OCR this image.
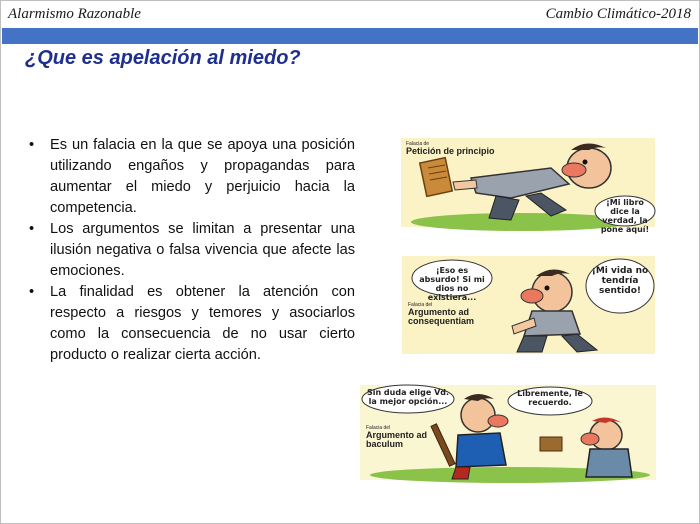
Alarmismo Razonable	Cambio Climático-2018
¿Que es apelación al miedo?
• Es un falacia en la que se apoya una posición utilizando engaños y propagandas para aumentar el miedo y perjuicio hacia la competencia.
• Los argumentos se limitan a presentar una ilusión negativa o falsa vivencia que afecte las emociones.
• La finalidad es obtener la atención con respecto a riesgos y temores y asociarlos como la consecuencia de no usar cierto producto o realizar cierta acción.
Falacia de
Petición de principio
¡Mi libro dice la verdad, la pone aquí!
¡Eso es absurdo! Si mi dios no existiera...
¡Mi vida no tendría sentido!
Falacia del
Argumento ad consequentiam
Sin duda elige Vd. la mejor opción...
Libremente, le recuerdo.
Falacia del
Argumento ad baculum
